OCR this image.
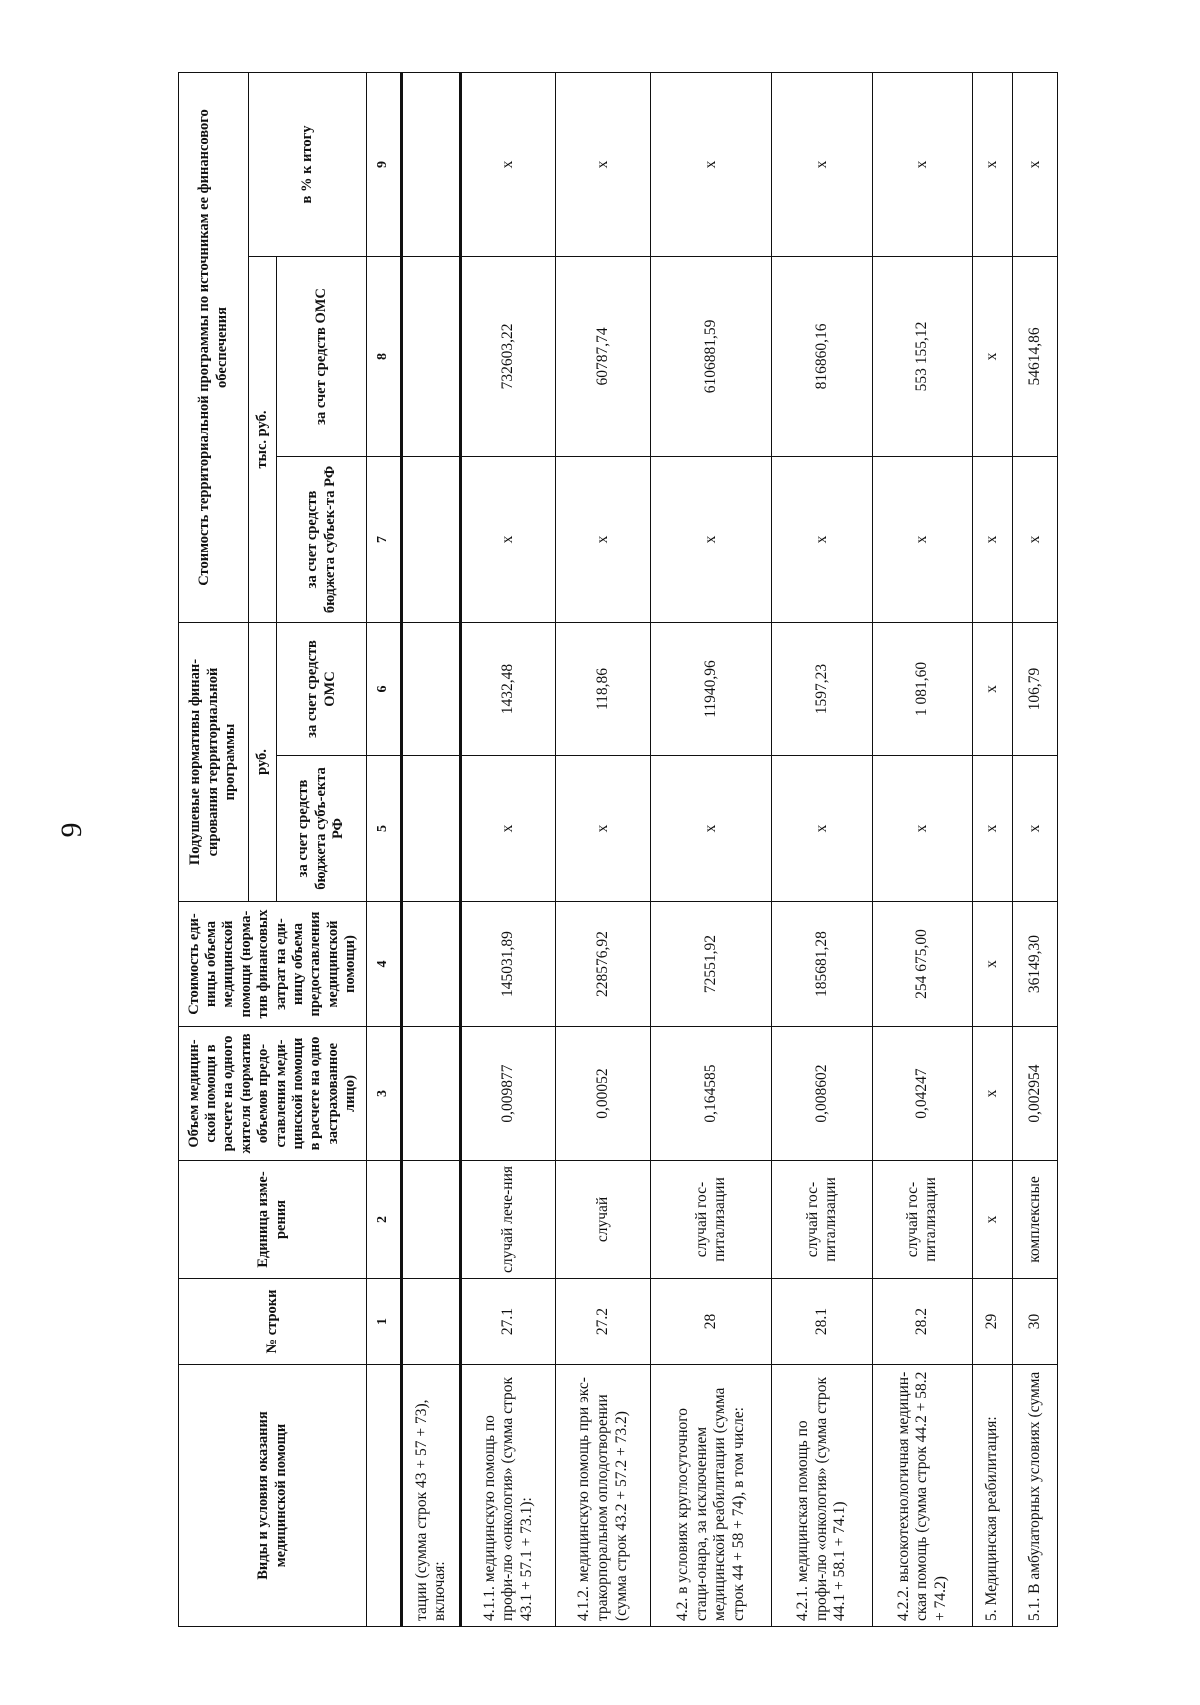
9
Виды и условия оказания медицинской помощи	№ строки	Единица изме-рения	Объем медицин-ской помощи в расчете на одного жителя (норматив объемов предо-ставления меди-цинской помощи в расчете на одно застрахованное лицо)	Стоимость еди-ницы объема медицинской помощи (норма-тив финансовых затрат на еди-ницу объема предоставления медицинской помощи)	Подушевые нормативы финан-сирования территориальной программы		Стоимость территориальной программы по источникам ее финансового обеспечения		
					руб.		тыс. руб.		в % к итогу
					за счет средств бюджета субъ-екта РФ	за счет средств ОМС	за счет средств бюджета субъек-та РФ	за счет средств ОМС	
	1	2	3	4	5	6	7	8	9
тации (сумма строк 43 + 57 + 73), включая:									
4.1.1. медицинскую помощь по профи-лю «онкология» (сумма строк 43.1 + 57.1 + 73.1):	27.1	случай лече-ния	0,009877	145031,89	х	1432,48	х	732603,22	х
4.1.2. медицинскую помощь при экс-тракорпоральном оплодотворении (сумма строк 43.2 + 57.2 + 73.2)	27.2	случай	0,00052	228576,92	х	118,86	х	60787,74	х
4.2. в условиях круглосуточного стаци-онара, за исключением медицинской реабилитации (сумма строк 44 + 58 + 74), в том числе:	28	случай гос-питализации	0,164585	72551,92	х	11940,96	х	6106881,59	х
4.2.1. медицинская помощь по профи-лю «онкология» (сумма строк 44.1 + 58.1 + 74.1)	28.1	случай гос-питализации	0,008602	185681,28	х	1597,23	х	816860,16	х
4.2.2. высокотехнологичная медицин-ская помощь (сумма строк 44.2 + 58.2 + 74.2)	28.2	случай гос-питализации	0,04247	254 675,00	х	1 081,60	х	553 155,12	х
5. Медицинская реабилитация:	29	х	х	х	х	х	х	х	х
5.1. В амбулаторных условиях (сумма	30	комплексные	0,002954	36149,30	х	106,79	х	54614,86	х
